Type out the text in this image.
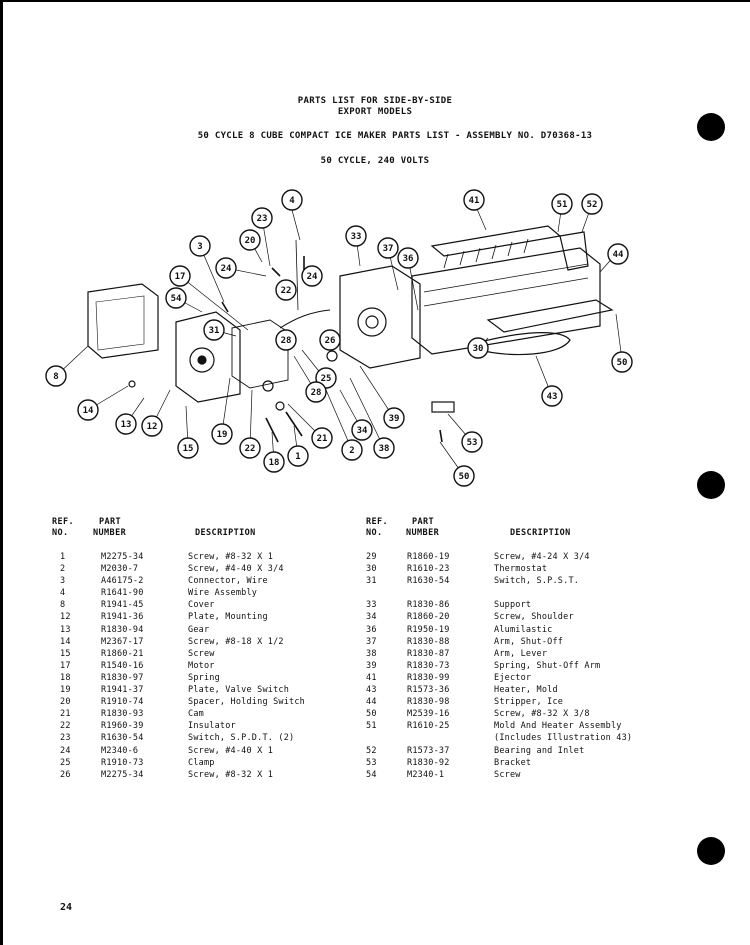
PARTS LIST FOR SIDE-BY-SIDE
EXPORT MODELS
50 CYCLE 8 CUBE COMPACT ICE MAKER PARTS LIST - ASSEMBLY NO. D70368-13
50 CYCLE, 240 VOLTS
4
23
20
3
24
22
24
17
54
31
8
14
13 12
15
19
22
18
1
21
2
34
25
28
26
39
33
36
37
41	51 52
44
30
50
43
53
50
38
28
REF.
NO.
PART
NUMBER	DESCRIPTION
REF.
NO.
PART
NUMBER	DESCRIPTION
1	M2275-34	Screw, #8-32 X 1
2	M2030-7	Screw, #4-40 X 3/4
3	A46175-2	Connector, Wire
4	R1641-90	Wire Assembly
8	R1941-45	Cover
12	R1941-36	Plate, Mounting
13	R1830-94	Gear
14	M2367-17	Screw, #8-18 X 1/2
15	R1860-21	Screw
17	R1540-16	Motor
18	R1830-97	Spring
19	R1941-37	Plate, Valve Switch
20	R1910-74	Spacer, Holding Switch
21	R1830-93	Cam
22	R1960-39	Insulator
23	R1630-54	Switch, S.P.D.T. (2)
24	M2340-6	Screw, #4-40 X 1
25	R1910-73	Clamp
26	M2275-34	Screw, #8-32 X 1
29	R1860-19	Screw, #4-24 X 3/4
30	R1610-23	Thermostat
31	R1630-54	Switch, S.P.S.T.
33	R1830-86	Support
34	R1860-20	Screw, Shoulder
36	R1950-19	Alumilastic
37	R1830-88	Arm, Shut-Off
38	R1830-87	Arm, Lever
39	R1830-73	Spring, Shut-Off Arm
41	R1830-99	Ejector
43	R1573-36	Heater, Mold
44	R1830-98	Stripper, Ice
50	M2539-16	Screw, #8-32 X 3/8
51	R1610-25	Mold And Heater Assembly
(Includes Illustration 43)
52	R1573-37	Bearing and Inlet
53	R1830-92	Bracket
54	M2340-1	Screw
24
